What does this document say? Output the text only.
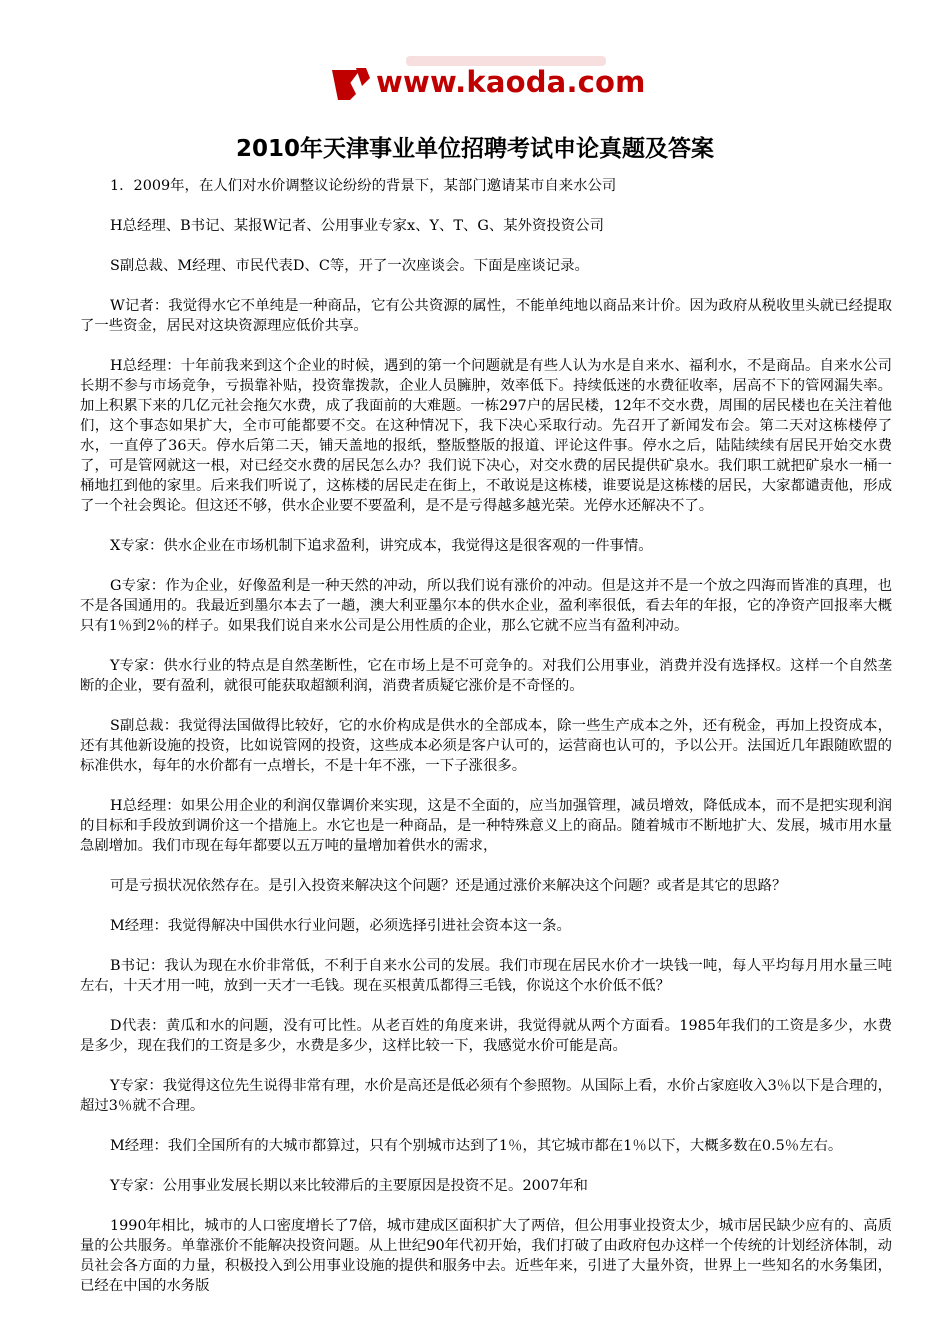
www.kaoda.com
2010年天津事业单位招聘考试申论真题及答案

1．2009年，在人们对水价调整议论纷纷的背景下，某部门邀请某市自来水公司

H总经理、B书记、某报W记者、公用事业专家x、Y、T、G、某外资投资公司

S副总裁、M经理、市民代表D、C等，开了一次座谈会。下面是座谈记录。

W记者：我觉得水它不单纯是一种商品，它有公共资源的属性，不能单纯地以商品来计价。因为政府从税收里头就已经提取了一些资金，居民对这块资源理应低价共享。

H总经理：十年前我来到这个企业的时候，遇到的第一个问题就是有些人认为水是自来水、福利水，不是商品。自来水公司长期不参与市场竞争，亏损靠补贴，投资靠拨款，企业人员臃肿，效率低下。持续低迷的水费征收率，居高不下的管网漏失率。加上积累下来的几亿元社会拖欠水费，成了我面前的大难题。一栋297户的居民楼，12年不交水费，周围的居民楼也在关注着他们，这个事态如果扩大，全市可能都要不交。在这种情况下，我下决心采取行动。先召开了新闻发布会。第二天对这栋楼停了水，一直停了36天。停水后第二天，铺天盖地的报纸，整版整版的报道、评论这件事。停水之后，陆陆续续有居民开始交水费了，可是管网就这一根，对已经交水费的居民怎么办？我们说下决心，对交水费的居民提供矿泉水。我们职工就把矿泉水一桶一桶地扛到他的家里。后来我们听说了，这栋楼的居民走在街上，不敢说是这栋楼，谁要说是这栋楼的居民，大家都谴责他，形成了一个社会舆论。但这还不够，供水企业要不要盈利，是不是亏得越多越光荣。光停水还解决不了。

X专家：供水企业在市场机制下追求盈利，讲究成本，我觉得这是很客观的一件事情。

G专家：作为企业，好像盈利是一种天然的冲动，所以我们说有涨价的冲动。但是这并不是一个放之四海而皆准的真理，也不是各国通用的。我最近到墨尔本去了一趟，澳大利亚墨尔本的供水企业，盈利率很低，看去年的年报，它的净资产回报率大概只有1％到2％的样子。如果我们说自来水公司是公用性质的企业，那么它就不应当有盈利冲动。

Y专家：供水行业的特点是自然垄断性，它在市场上是不可竞争的。对我们公用事业，消费并没有选择权。这样一个自然垄断的企业，要有盈利，就很可能获取超额利润，消费者质疑它涨价是不奇怪的。

S副总裁：我觉得法国做得比较好，它的水价构成是供水的全部成本，除一些生产成本之外，还有税金，再加上投资成本，还有其他新设施的投资，比如说管网的投资，这些成本必须是客户认可的，运营商也认可的，予以公开。法国近几年跟随欧盟的标准供水，每年的水价都有一点增长，不是十年不涨，一下子涨很多。

H总经理：如果公用企业的利润仅靠调价来实现，这是不全面的，应当加强管理，减员增效，降低成本，而不是把实现利润的目标和手段放到调价这一个措施上。水它也是一种商品，是一种特殊意义上的商品。随着城市不断地扩大、发展，城市用水量急剧增加。我们市现在每年都要以五万吨的量增加着供水的需求，

可是亏损状况依然存在。是引入投资来解决这个问题？还是通过涨价来解决这个问题？或者是其它的思路？

M经理：我觉得解决中国供水行业问题，必须选择引进社会资本这一条。

B书记：我认为现在水价非常低，不利于自来水公司的发展。我们市现在居民水价才一块钱一吨，每人平均每月用水量三吨左右，十天才用一吨，放到一天才一毛钱。现在买根黄瓜都得三毛钱，你说这个水价低不低？

D代表：黄瓜和水的问题，没有可比性。从老百姓的角度来讲，我觉得就从两个方面看。1985年我们的工资是多少，水费是多少，现在我们的工资是多少，水费是多少，这样比较一下，我感觉水价可能是高。

Y专家：我觉得这位先生说得非常有理，水价是高还是低必须有个参照物。从国际上看，水价占家庭收入3％以下是合理的，超过3％就不合理。

M经理：我们全国所有的大城市都算过，只有个别城市达到了1％，其它城市都在1％以下，大概多数在0.5％左右。

Y专家：公用事业发展长期以来比较滞后的主要原因是投资不足。2007年和

1990年相比，城市的人口密度增长了7倍，城市建成区面积扩大了两倍，但公用事业投资太少，城市居民缺少应有的、高质量的公共服务。单靠涨价不能解决投资问题。从上世纪90年代初开始，我们打破了由政府包办这样一个传统的计划经济体制，动员社会各方面的力量，积极投入到公用事业设施的提供和服务中去。近些年来，引进了大量外资，世界上一些知名的水务集团，已经在中国的水务版
